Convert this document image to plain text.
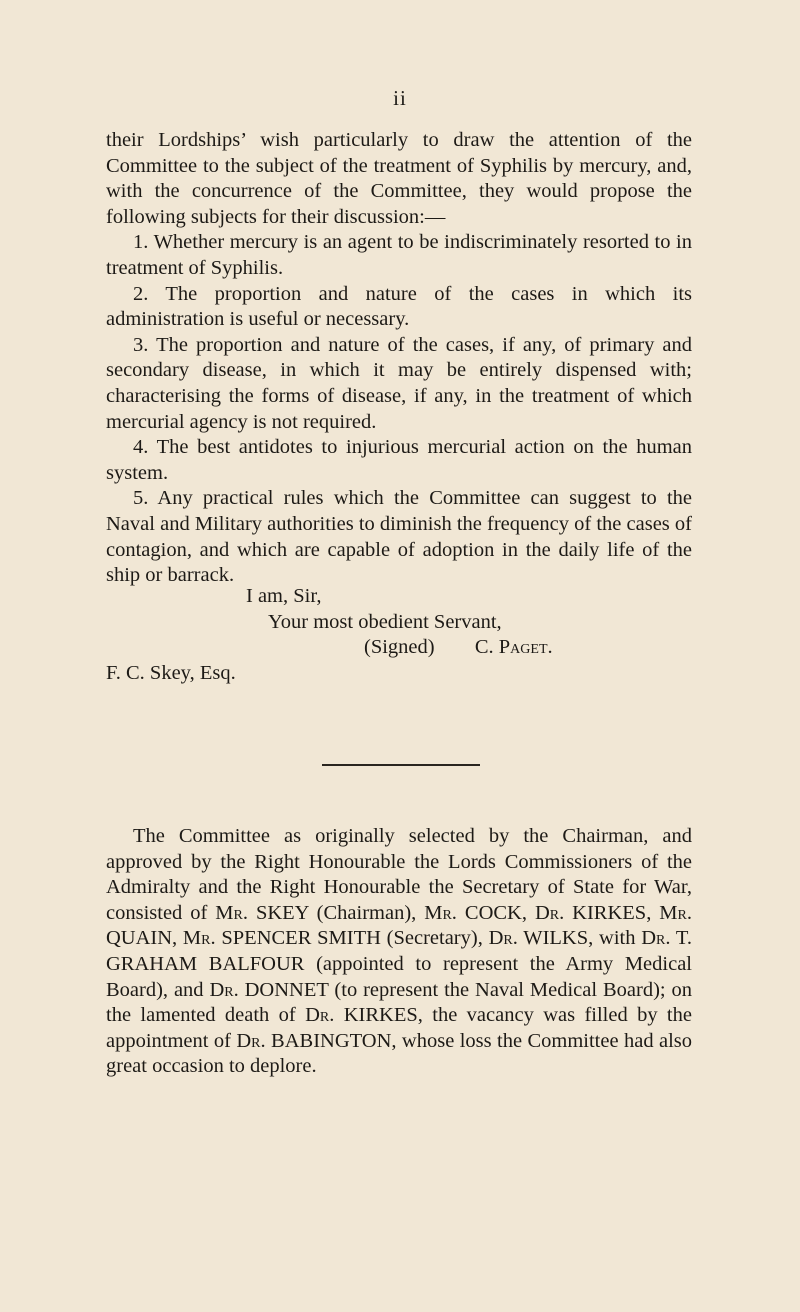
ii

their Lordships’ wish particularly to draw the attention of the Committee to the subject of the treatment of Syphilis by mercury, and, with the concurrence of the Committee, they would propose the following subjects for their discussion:—

1. Whether mercury is an agent to be indiscriminately resorted to in treatment of Syphilis.

2. The proportion and nature of the cases in which its administration is useful or necessary.

3. The proportion and nature of the cases, if any, of primary and secondary disease, in which it may be entirely dispensed with; characterising the forms of disease, if any, in the treatment of which mercurial agency is not required.

4. The best antidotes to injurious mercurial action on the human system.

5. Any practical rules which the Committee can suggest to the Naval and Military authorities to diminish the frequency of the cases of contagion, and which are capable of adoption in the daily life of the ship or barrack.

I am, Sir,
Your most obedient Servant,
(Signed) C. Paget.
F. C. Skey, Esq.

The Committee as originally selected by the Chairman, and approved by the Right Honourable the Lords Commissioners of the Admiralty and the Right Honourable the Secretary of State for War, consisted of Mr. SKEY (Chairman), Mr. COCK, Dr. KIRKES, Mr. QUAIN, Mr. SPENCER SMITH (Secretary), Dr. WILKS, with Dr. T. GRAHAM BALFOUR (appointed to represent the Army Medical Board), and Dr. DONNET (to represent the Naval Medical Board); on the lamented death of Dr. KIRKES, the vacancy was filled by the appointment of Dr. BABINGTON, whose loss the Committee had also great occasion to deplore.
